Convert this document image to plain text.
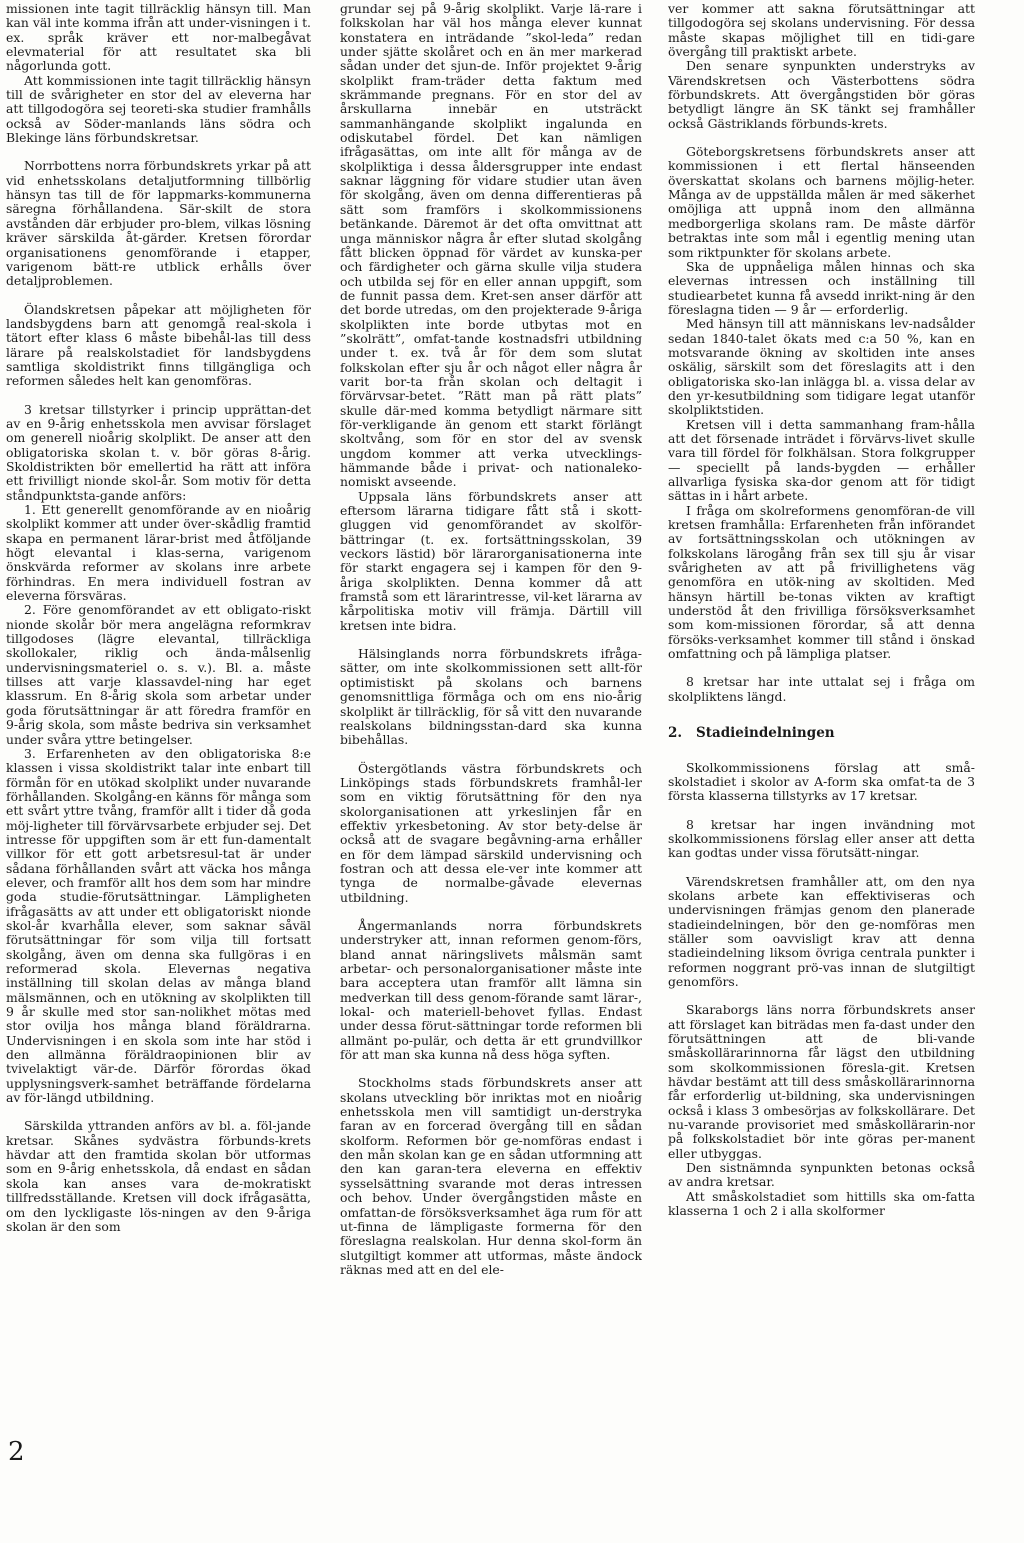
missionen inte tagit tillräcklig hänsyn till. Man kan väl inte komma ifrån att under-visningen i t. ex. språk kräver ett nor-malbegåvat elevmaterial för att resultatet ska bli någorlunda gott.

Att kommissionen inte tagit tillräcklig hänsyn till de svårigheter en stor del av eleverna har att tillgodogöra sej teoreti-ska studier framhålls också av Söder-manlands läns södra och Blekinge läns förbundskretsar.

Norrbottens norra förbundskrets yrkar på att vid enhetsskolans detaljutformning tillbörlig hänsyn tas till de för lappmarks-kommunerna säregna förhållandena. Sär-skilt de stora avstånden där erbjuder pro-blem, vilkas lösning kräver särskilda åt-gärder. Kretsen förordar organisationens genomförande i etapper, varigenom bätt-re utblick erhålls över detaljproblemen.

Ölandskretsen påpekar att möjligheten för landsbygdens barn att genomgå real-skola i tätort efter klass 6 måste bibehål-las till dess lärare på realskolstadiet för landsbygdens samtliga skoldistrikt finns tillgängliga och reformen således helt kan genomföras.

3 kretsar tillstyrker i princip upprättan-det av en 9-årig enhetsskola men avvisar förslaget om generell nioårig skolplikt. De anser att den obligatoriska skolan t. v. bör göras 8-årig. Skoldistrikten bör emellertid ha rätt att införa ett frivilligt nionde skol-år. Som motiv för detta ståndpunktsta-gande anförs:

1. Ett generellt genomförande av en nioårig skolplikt kommer att under över-skådlig framtid skapa en permanent lärar-brist med åtföljande högt elevantal i klas-serna, varigenom önskvärda reformer av skolans inre arbete förhindras. En mera individuell fostran av eleverna försväras.

2. Före genomförandet av ett obligato-riskt nionde skolår bör mera angelägna reformkrav tillgodoses (lägre elevantal, tillräckliga skollokaler, riklig och ända-målsenlig undervisningsmateriel o. s. v.). Bl. a. måste tillses att varje klassavdel-ning har eget klassrum. En 8-årig skola som arbetar under goda förutsättningar är att föredra framför en 9-årig skola, som måste bedriva sin verksamhet under svåra yttre betingelser.

3. Erfarenheten av den obligatoriska 8:e klassen i vissa skoldistrikt talar inte enbart till förmån för en utökad skolplikt under nuvarande förhållanden. Skolgång-en känns för många som ett svårt yttre tvång, framför allt i tider då goda möj-ligheter till förvärvsarbete erbjuder sej. Det intresse för uppgiften som är ett fun-damentalt villkor för ett gott arbetsresul-tat är under sådana förhållanden svårt att väcka hos många elever, och framför allt hos dem som har mindre goda studie-förutsättningar. Lämpligheten ifrågasätts av att under ett obligatoriskt nionde skol-år kvarhålla elever, som saknar såväl förutsättningar för som vilja till fortsatt skolgång, även om denna ska fullgöras i en reformerad skola. Elevernas negativa inställning till skolan delas av många bland mälsmännen, och en utökning av skolplikten till 9 år skulle med stor san-nolikhet mötas med stor ovilja hos många bland föräldrarna. Undervisningen i en skola som inte har stöd i den allmänna föräldraopinionen blir av tvivelaktigt vär-de. Därför förordas ökad upplysningsverk-samhet beträffande fördelarna av för-längd utbildning.

Särskilda yttranden anförs av bl. a. föl-jande kretsar. Skånes sydvästra förbunds-krets hävdar att den framtida skolan bör utformas som en 9-årig enhetsskola, då endast en sådan skola kan anses vara de-mokratiskt tillfredsställande. Kretsen vill dock ifrågasätta, om den lyckligaste lös-ningen av den 9-åriga skolan är den som

grundar sej på 9-årig skolplikt. Varje lä-rare i folkskolan har väl hos många elever kunnat konstatera en inträdande ”skol-leda” redan under sjätte skolåret och en än mer markerad sådan under det sjun-de. Inför projektet 9-årig skolplikt fram-träder detta faktum med skrämmande pregnans. För en stor del av årskullarna innebär en utsträckt sammanhängande skolplikt ingalunda en odiskutabel fördel. Det kan nämligen ifrågasättas, om inte allt för många av de skolpliktiga i dessa åldersgrupper inte endast saknar läggning för vidare studier utan även för skolgång, även om denna differentieras på sätt som framförs i skolkommissionens betänkande. Däremot är det ofta omvittnat att unga människor några år efter slutad skolgång fått blicken öppnad för värdet av kunska-per och färdigheter och gärna skulle vilja studera och utbilda sej för en eller annan uppgift, som de funnit passa dem. Kret-sen anser därför att det borde utredas, om den projekterade 9-åriga skolplikten inte borde utbytas mot en ”skolrätt”, omfat-tande kostnadsfri utbildning under t. ex. två år för dem som slutat folkskolan efter sju år och något eller några år varit bor-ta från skolan och deltagit i förvärvsar-betet. ”Rätt man på rätt plats” skulle där-med komma betydligt närmare sitt för-verkligande än genom ett starkt förlängt skoltvång, som för en stor del av svensk ungdom kommer att verka utvecklings-hämmande både i privat- och nationaleko-nomiskt avseende.

Uppsala läns förbundskrets anser att eftersom lärarna tidigare fått stå i skott-gluggen vid genomförandet av skolför-bättringar (t. ex. fortsättningsskolan, 39 veckors lästid) bör lärarorganisationerna inte för starkt engagera sej i kampen för den 9-åriga skolplikten. Denna kommer då att framstå som ett lärarintresse, vil-ket lärarna av kårpolitiska motiv vill främja. Därtill vill kretsen inte bidra.

Hälsinglands norra förbundskrets ifråga-sätter, om inte skolkommissionen sett allt-för optimistiskt på skolans och barnens genomsnittliga förmåga och om ens nio-årig skolplikt är tillräcklig, för så vitt den nuvarande realskolans bildningsstan-dard ska kunna bibehållas.

Östergötlands västra förbundskrets och Linköpings stads förbundskrets framhål-ler som en viktig förutsättning för den nya skolorganisationen att yrkeslinjen får en effektiv yrkesbetoning. Av stor bety-delse är också att de svagare begåvning-arna erhåller en för dem lämpad särskild undervisning och fostran och att dessa ele-ver inte kommer att tynga de normalbe-gåvade elevernas utbildning.

Ångermanlands norra förbundskrets understryker att, innan reformen genom-förs, bland annat näringslivets målsmän samt arbetar- och personalorganisationer måste inte bara acceptera utan framför allt lämna sin medverkan till dess genom-förande samt lärar-, lokal- och materiell-behovet fyllas. Endast under dessa förut-sättningar torde reformen bli allmänt po-pulär, och detta är ett grundvillkor för att man ska kunna nå dess höga syften.

Stockholms stads förbundskrets anser att skolans utveckling bör inriktas mot en nioårig enhetsskola men vill samtidigt un-derstryka faran av en forcerad övergång till en sådan skolform. Reformen bör ge-nomföras endast i den mån skolan kan ge en sådan utformning att den kan garan-tera eleverna en effektiv sysselsättning svarande mot deras intressen och behov. Under övergångstiden måste en omfattan-de försöksverksamhet äga rum för att ut-finna de lämpligaste formerna för den föreslagna realskolan. Hur denna skol-form än slutgiltigt kommer att utformas, måste ändock räknas med att en del ele-

ver kommer att sakna förutsättningar att tillgodogöra sej skolans undervisning. För dessa måste skapas möjlighet till en tidi-gare övergång till praktiskt arbete.

Den senare synpunkten understryks av Värendskretsen och Västerbottens södra förbundskrets. Att övergångstiden bör göras betydligt längre än SK tänkt sej framhåller också Gästriklands förbunds-krets.

Göteborgskretsens förbundskrets anser att kommissionen i ett flertal hänseenden överskattat skolans och barnens möjlig-heter. Många av de uppställda målen är med säkerhet omöjliga att uppnå inom den allmänna medborgerliga skolans ram. De måste därför betraktas inte som mål i egentlig mening utan som riktpunkter för skolans arbete.

Ska de uppnåeliga målen hinnas och ska elevernas intressen och inställning till studiearbetet kunna få avsedd inrikt-ning är den föreslagna tiden — 9 år — erforderlig.

Med hänsyn till att människans lev-nadsålder sedan 1840-talet ökats med c:a 50 %, kan en motsvarande ökning av skoltiden inte anses oskälig, särskilt som det föreslagits att i den obligatoriska sko-lan inlägga bl. a. vissa delar av den yr-kesutbildning som tidigare legat utanför skolpliktstiden.

Kretsen vill i detta sammanhang fram-hålla att det försenade inträdet i förvärvs-livet skulle vara till fördel för folkhälsan. Stora folkgrupper — speciellt på lands-bygden — erhåller allvarliga fysiska ska-dor genom att för tidigt sättas in i hårt arbete.

I fråga om skolreformens genomföran-de vill kretsen framhålla: Erfarenheten från införandet av fortsättningsskolan och utökningen av folkskolans lärogång från sex till sju år visar svårigheten av att på frivillighetens väg genomföra en utök-ning av skoltiden. Med hänsyn härtill be-tonas vikten av kraftigt understöd åt den frivilliga försöksverksamhet som kom-missionen förordar, så att denna försöks-verksamhet kommer till stånd i önskad omfattning och på lämpliga platser.

8 kretsar har inte uttalat sej i fråga om skolpliktens längd.

2. Stadieindelningen

Skolkommissionens förslag att små-skolstadiet i skolor av A-form ska omfat-ta de 3 första klasserna tillstyrks av 17 kretsar.

8 kretsar har ingen invändning mot skolkommissionens förslag eller anser att detta kan godtas under vissa förutsätt-ningar.

Värendskretsen framhåller att, om den nya skolans arbete kan effektiviseras och undervisningen främjas genom den planerade stadieindelningen, bör den ge-nomföras men ställer som oavvisligt krav att denna stadieindelning liksom övriga centrala punkter i reformen noggrant prö-vas innan de slutgiltigt genomförs.

Skaraborgs läns norra förbundskrets anser att förslaget kan biträdas men fa-dast under den förutsättningen att de bli-vande småskollärarinnorna får lägst den utbildning som skolkommissionen föresla-git. Kretsen hävdar bestämt att till dess småskollärarinnorna får erforderlig ut-bildning, ska undervisningen också i klass 3 ombesörjas av folkskollärare. Det nu-varande provisoriet med småskollärarin-nor på folkskolstadiet bör inte göras per-manent eller utbyggas.

Den sistnämnda synpunkten betonas också av andra kretsar.

Att småskolstadiet som hittills ska om-fatta klasserna 1 och 2 i alla skolformer

2
